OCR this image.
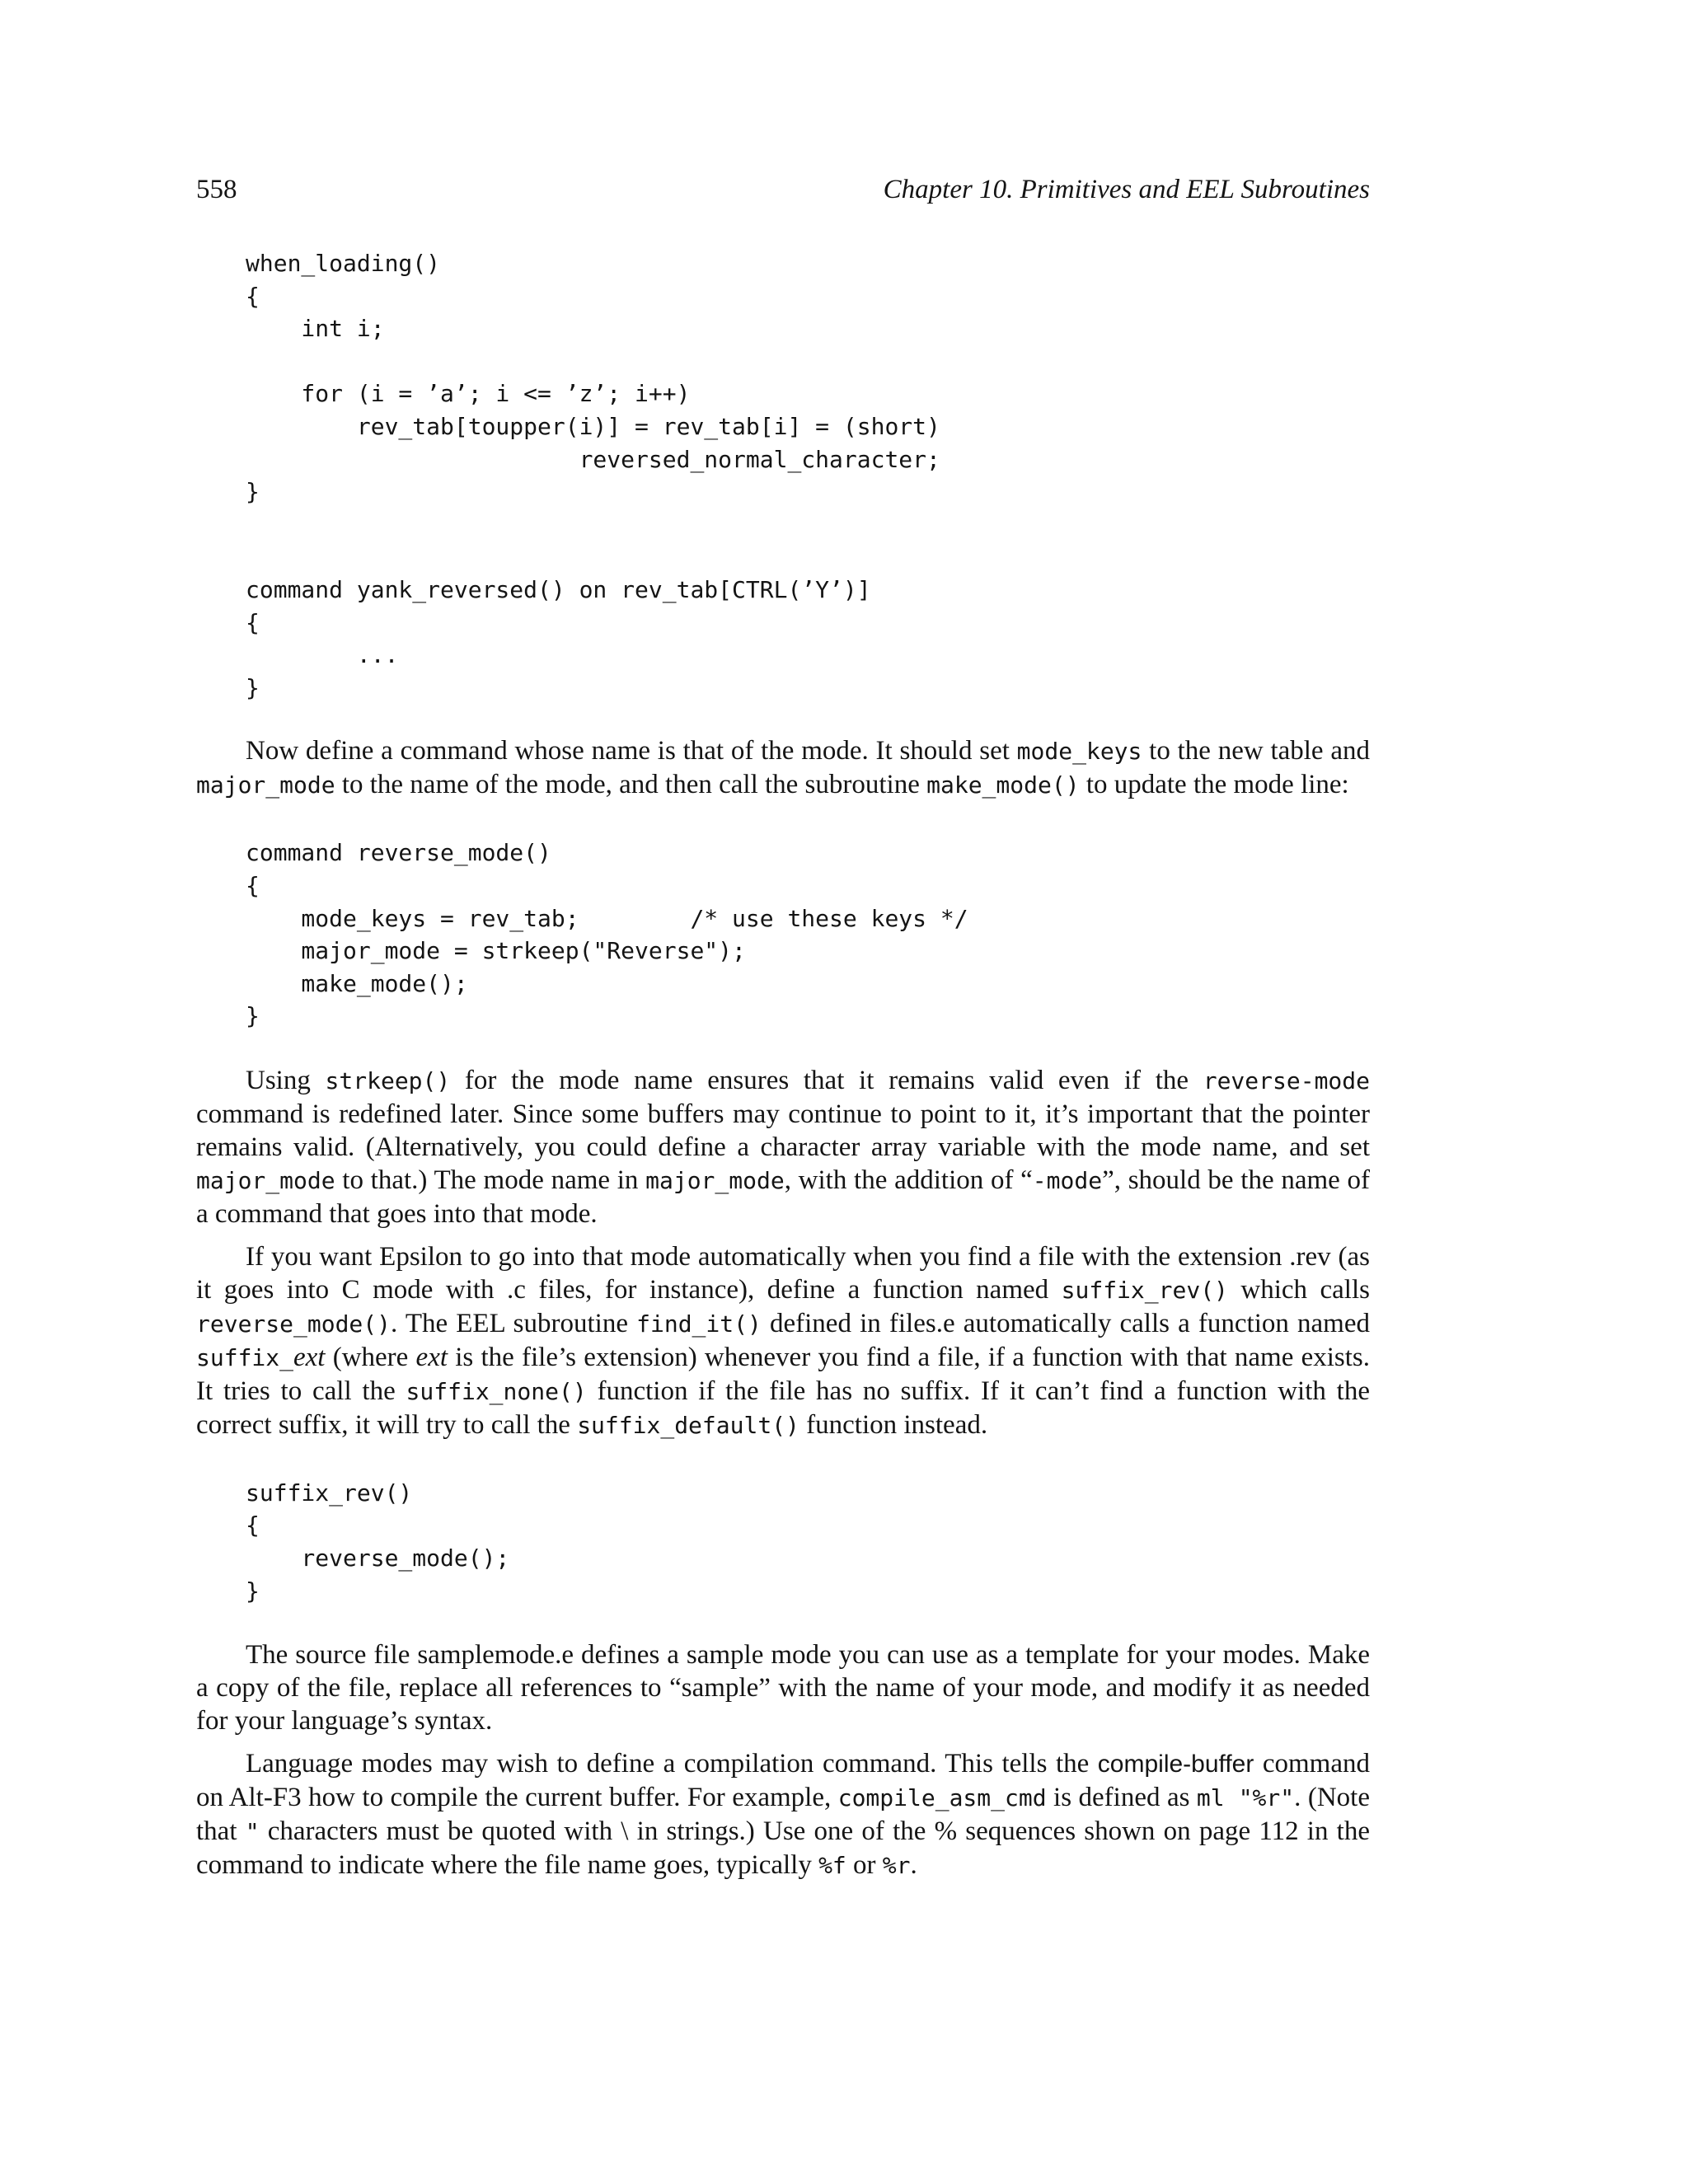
558	Chapter 10. Primitives and EEL Subroutines
when_loading()
{
int i;
for (i = ’a’; i <= ’z’; i++)
rev_tab[toupper(i)] = rev_tab[i] = (short)
reversed_normal_character;
}
command yank_reversed() on rev_tab[CTRL(’Y’)]
{
...
}

Now define a command whose name is that of the mode. It should set mode_keys to the new table and major_mode to the name of the mode, and then call the subroutine make_mode() to update the mode line:

command reverse_mode()
{
mode_keys = rev_tab;        /* use these keys */
major_mode = strkeep("Reverse");
make_mode();
}

Using strkeep() for the mode name ensures that it remains valid even if the reverse-mode command is redefined later. Since some buffers may continue to point to it, it’s important that the pointer remains valid. (Alternatively, you could define a character array variable with the mode name, and set major_mode to that.) The mode name in major_mode, with the addition of “-mode”, should be the name of a command that goes into that mode.

If you want Epsilon to go into that mode automatically when you find a file with the extension .rev (as it goes into C mode with .c files, for instance), define a function named suffix_rev() which calls reverse_mode(). The EEL subroutine find_it() defined in files.e automatically calls a function named suffix_ext (where ext is the file’s extension) whenever you find a file, if a function with that name exists. It tries to call the suffix_none() function if the file has no suffix. If it can’t find a function with the correct suffix, it will try to call the suffix_default() function instead.

suffix_rev()
{
reverse_mode();
}

The source file samplemode.e defines a sample mode you can use as a template for your modes. Make a copy of the file, replace all references to “sample” with the name of your mode, and modify it as needed for your language’s syntax.

Language modes may wish to define a compilation command. This tells the compile-buffer command on Alt-F3 how to compile the current buffer. For example, compile_asm_cmd is defined as ml "%r". (Note that " characters must be quoted with \ in strings.) Use one of the % sequences shown on page 112 in the command to indicate where the file name goes, typically %f or %r.
